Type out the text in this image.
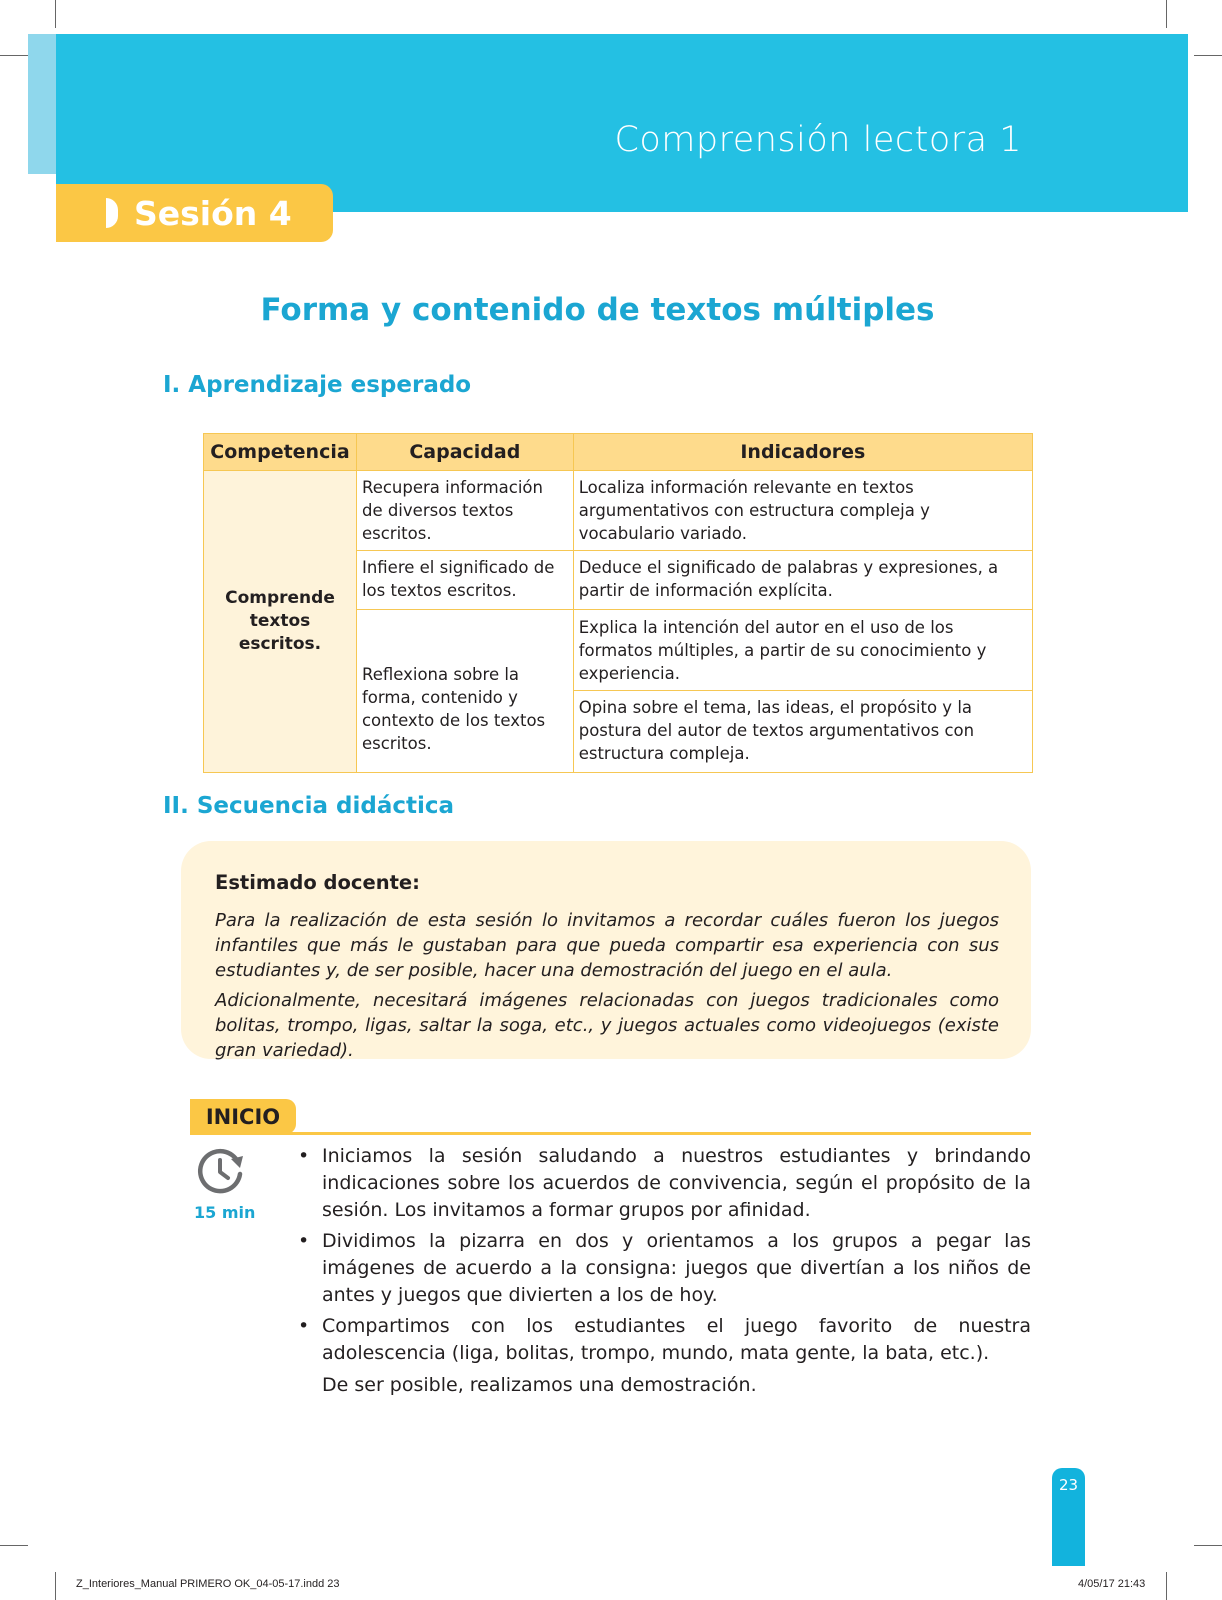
Comprensión lectora 1
Sesión 4
Forma y contenido de textos múltiples
I. Aprendizaje esperado
Competencia	Capacidad	Indicadores
Comprende textos escritos.	Recupera información de diversos textos escritos.	Localiza información relevante en textos argumentativos con estructura compleja y vocabulario variado.
	Infiere el significado de los textos escritos.	Deduce el significado de palabras y expresiones, a partir de información explícita.
	Reflexiona sobre la forma, contenido y contexto de los textos escritos.	Explica la intención del autor en el uso de los formatos múltiples, a partir de su conocimiento y experiencia.
		Opina sobre el tema, las ideas, el propósito y la postura del autor de textos argumentativos con estructura compleja.
II. Secuencia didáctica
Estimado docente:

Para la realización de esta sesión lo invitamos a recordar cuáles fueron los juegos infantiles que más le gustaban para que pueda compartir esa experiencia con sus estudiantes y, de ser posible, hacer una demostración del juego en el aula.

Adicionalmente, necesitará imágenes relacionadas con juegos tradicionales como bolitas, trompo, ligas, saltar la soga, etc., y juegos actuales como videojuegos (existe gran variedad).

INICIO
15 min
• Iniciamos la sesión saludando a nuestros estudiantes y brindando indicaciones sobre los acuerdos de convivencia, según el propósito de la sesión. Los invitamos a formar grupos por afinidad.
• Dividimos la pizarra en dos y orientamos a los grupos a pegar las imágenes de acuerdo a la consigna: juegos que divertían a los niños de antes y juegos que divierten a los de hoy.
• Compartimos con los estudiantes el juego favorito de nuestra adolescencia (liga, bolitas, trompo, mundo, mata gente, la bata, etc.).
De ser posible, realizamos una demostración.
23
Z_Interiores_Manual PRIMERO OK_04-05-17.indd 23	4/05/17 21:43
